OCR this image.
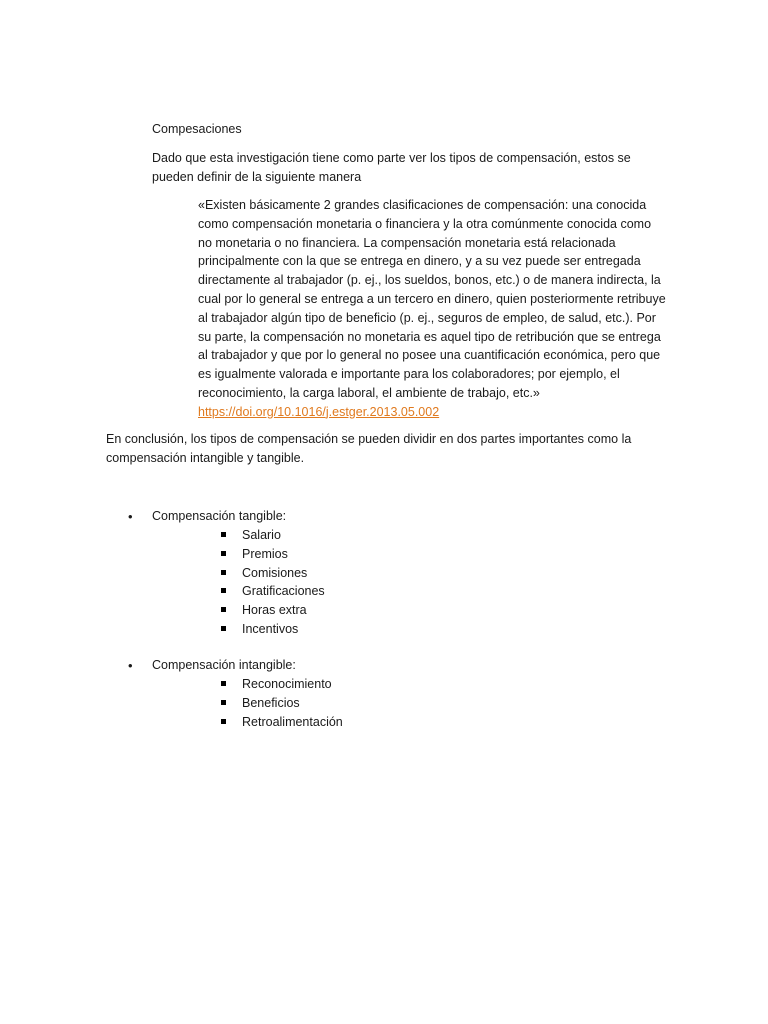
Compesaciones

Dado que esta investigación tiene como parte ver los tipos de compensación, estos se pueden definir de la siguiente manera

«Existen básicamente 2 grandes clasificaciones de compensación: una conocida como compensación monetaria o financiera y la otra comúnmente conocida como no monetaria o no financiera. La compensación monetaria está relacionada principalmente con la que se entrega en dinero, y a su vez puede ser entregada directamente al trabajador (p. ej., los sueldos, bonos, etc.) o de manera indirecta, la cual por lo general se entrega a un tercero en dinero, quien posteriormente retribuye al trabajador algún tipo de beneficio (p. ej., seguros de empleo, de salud, etc.). Por su parte, la compensación no monetaria es aquel tipo de retribución que se entrega al trabajador y que por lo general no posee una cuantificación económica, pero que es igualmente valorada e importante para los colaboradores; por ejemplo, el reconocimiento, la carga laboral, el ambiente de trabajo, etc.»
https://doi.org/10.1016/j.estger.2013.05.002

En conclusión, los tipos de compensación se pueden dividir en dos partes importantes como la compensación intangible y tangible.

• Compensación tangible:
Salario
Premios
Comisiones
Gratificaciones
Horas extra
Incentivos
• Compensación intangible:
Reconocimiento
Beneficios
Retroalimentación
